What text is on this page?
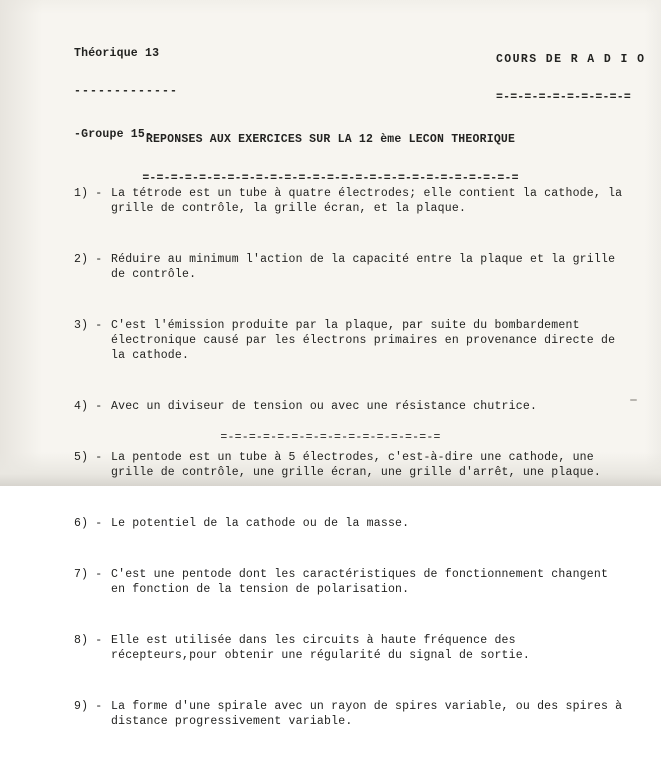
Théorique 13

-------------

-Groupe 15-

COURS DE R A D I O

=-=-=-=-=-=-=-=-=-=

REPONSES AUX EXERCICES SUR LA 12 ème LECON THEORIQUE

=-=-=-=-=-=-=-=-=-=-=-=-=-=-=-=-=-=-=-=-=-=-=-=-=-=-=

1) - La tétrode est un tube à quatre électrodes; elle contient la cathode, la grille de contrôle, la grille écran, et la plaque.

2) - Réduire au minimum l'action de la capacité entre la plaque et la grille de contrôle.

3) - C'est l'émission produite par la plaque, par suite du bombardement électronique causé par les électrons primaires en provenance directe de la cathode.

4) - Avec un diviseur de tension ou avec une résistance chutrice.

5) - La pentode est un tube à 5 électrodes, c'est-à-dire une cathode, une grille de contrôle, une grille écran, une grille d'arrêt, une plaque.

6) - Le potentiel de la cathode ou de la masse.

7) - C'est une pentode dont les caractéristiques de fonctionnement changent en fonction de la tension de polarisation.

8) - Elle est utilisée dans les circuits à haute fréquence des récepteurs,pour obtenir une régularité du signal de sortie.

9) - La forme d'une spirale avec un rayon de spires variable, ou des spires à distance progressivement variable.

=-=-=-=-=-=-=-=-=-=-=-=-=-=-=-=
